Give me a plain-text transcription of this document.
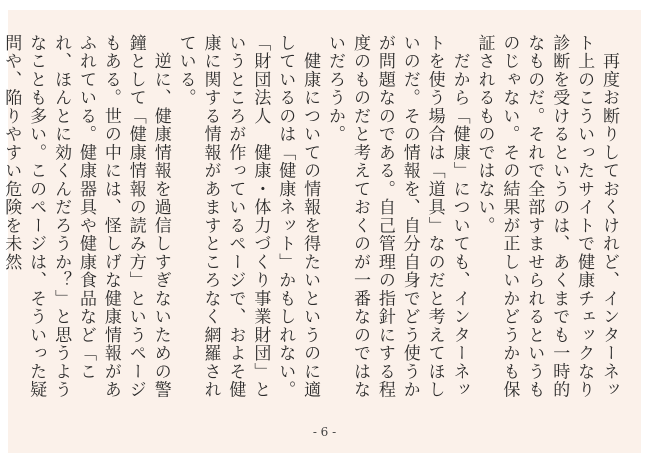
　再度お断りしておくけれど、インターネット上のこういったサイトで健康チェックなり診断を受けるというのは、あくまでも一時的なものだ。それで全部すませられるというものじゃない。その結果が正しいかどうかも保証されるものではない。

　だから「健康」についても、インターネットを使う場合は「道具」なのだと考えてほしいのだ。その情報を、自分自身でどう使うかが問題なのである。自己管理の指針にする程度のものだと考えておくのが一番なのではないだろうか。

　健康についての情報を得たいというのに適しているのは「健康ネット」かもしれない。

「財団法人　健康・体力づくり事業財団」というところが作っているページで、およそ健康に関する情報があますところなく網羅されている。

　逆に、健康情報を過信しすぎないための警鐘として「健康情報の読み方」というページもある。世の中には、怪しげな健康情報があふれている。健康器具や健康食品など「これ、ほんとに効くんだろうか？」と思うようなことも多い。このページは、そういった疑問や、陥りやすい危険を未然

- 6 -
